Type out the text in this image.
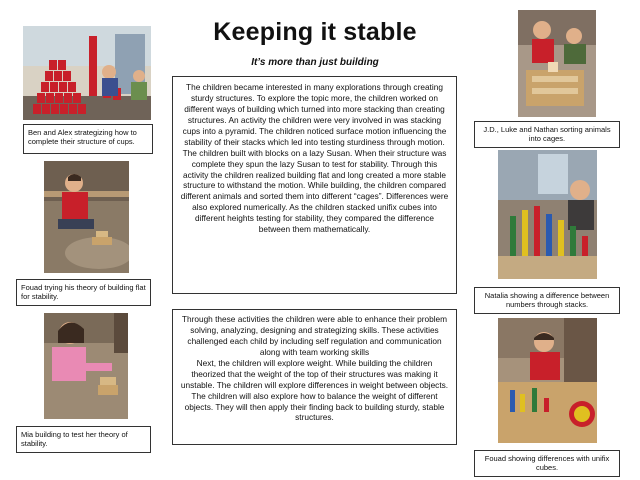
Keeping it stable
It’s more than just building
Ben and Alex strategizing how to complete their structure of cups.
Fouad trying his theory of building flat for stability.
Mia building to test her theory of stability.

The children became interested in many explorations through creating sturdy structures. To explore the topic more, the children worked on different ways of building which turned into more stacking than creating structures. An activity the children were very involved in was stacking cups into a pyramid. The children noticed surface motion influencing the stability of their stacks which led into testing sturdiness through motion. The children built with blocks on a lazy Susan. When their structure was complete they spun the lazy Susan to test for stability. Through this activity the children realized building flat and long created a more stable structure to withstand the motion. While building, the children compared different animals and sorted them into different “cages”. Differences were also explored numerically. As the children stacked unifix cubes into different heights testing for stability, they compared the difference between them mathematically.

Through these activities the children were able to enhance their problem solving, analyzing, designing and strategizing skills. These activities challenged each child by including self regulation and communication along with team working skills

Next, the children will explore weight. While building the children theorized that the weight of the top of their structures was making it unstable. The children will explore differences in weight between objects. The children will also explore how to balance the weight of different objects. They will then apply their finding back to building sturdy, stable structures.

J.D., Luke and Nathan sorting animals into cages.
Natalia showing a difference between numbers through stacks.
Fouad showing differences with unifix cubes.
